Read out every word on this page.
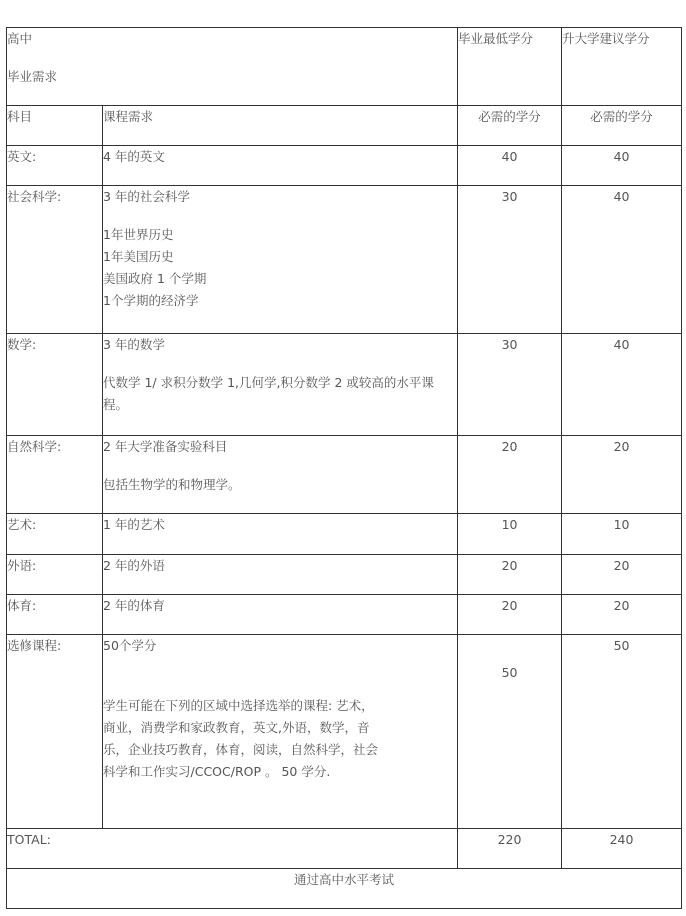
高中
毕业需求		毕业最低学分	升大学建议学分
科目	课程需求	必需的学分	必需的学分
英文:	4 年的英文	40	40
社会科学:	3 年的社会科学
1年世界历史
1年美国历史
美国政府 1 个学期
1个学期的经济学	30	40
数学:	3 年的数学
代数学 1/ 求积分数学 1,几何学,积分数学 2 或较高的水平课程。	30	40
自然科学:	2 年大学准备实验科目
包括生物学的和物理学。	20	20
艺术:	1 年的艺术	10	10
外语:	2 年的外语	20	20
体育:	2 年的体育	20	20
选修课程:	50个学分
学生可能在下列的区域中选择选举的课程: 艺术，商业，消费学和家政教育，英文,外语，数学，音乐，企业技巧教育，体育，阅读，自然科学，社会科学和工作实习/CCOC/ROP 。 50 学分.	50	50
TOTAL:		220	240
通过高中水平考试			
